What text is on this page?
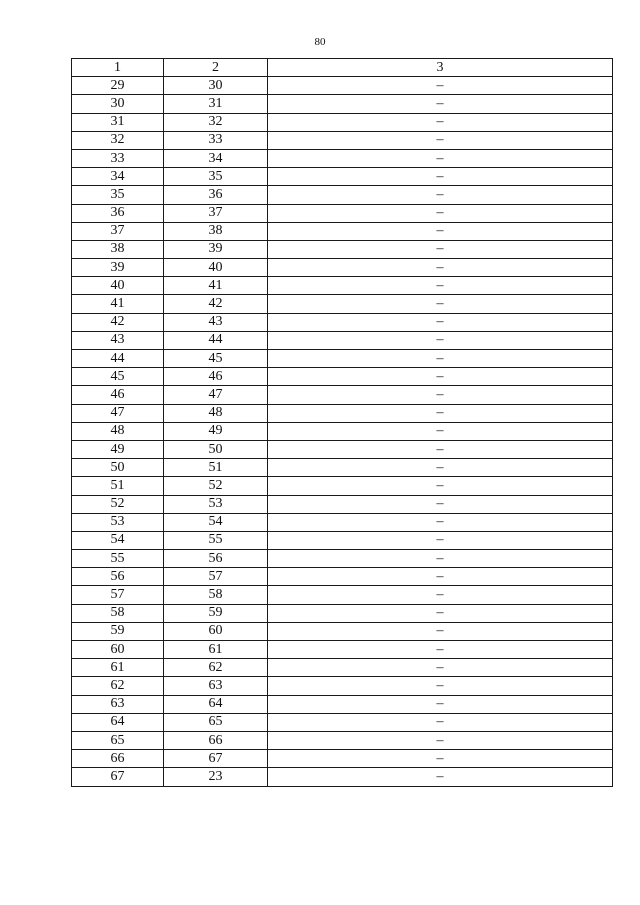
80
1	2	3
29	30	–
30	31	–
31	32	–
32	33	–
33	34	–
34	35	–
35	36	–
36	37	–
37	38	–
38	39	–
39	40	–
40	41	–
41	42	–
42	43	–
43	44	–
44	45	–
45	46	–
46	47	–
47	48	–
48	49	–
49	50	–
50	51	–
51	52	–
52	53	–
53	54	–
54	55	–
55	56	–
56	57	–
57	58	–
58	59	–
59	60	–
60	61	–
61	62	–
62	63	–
63	64	–
64	65	–
65	66	–
66	67	–
67	23	–
